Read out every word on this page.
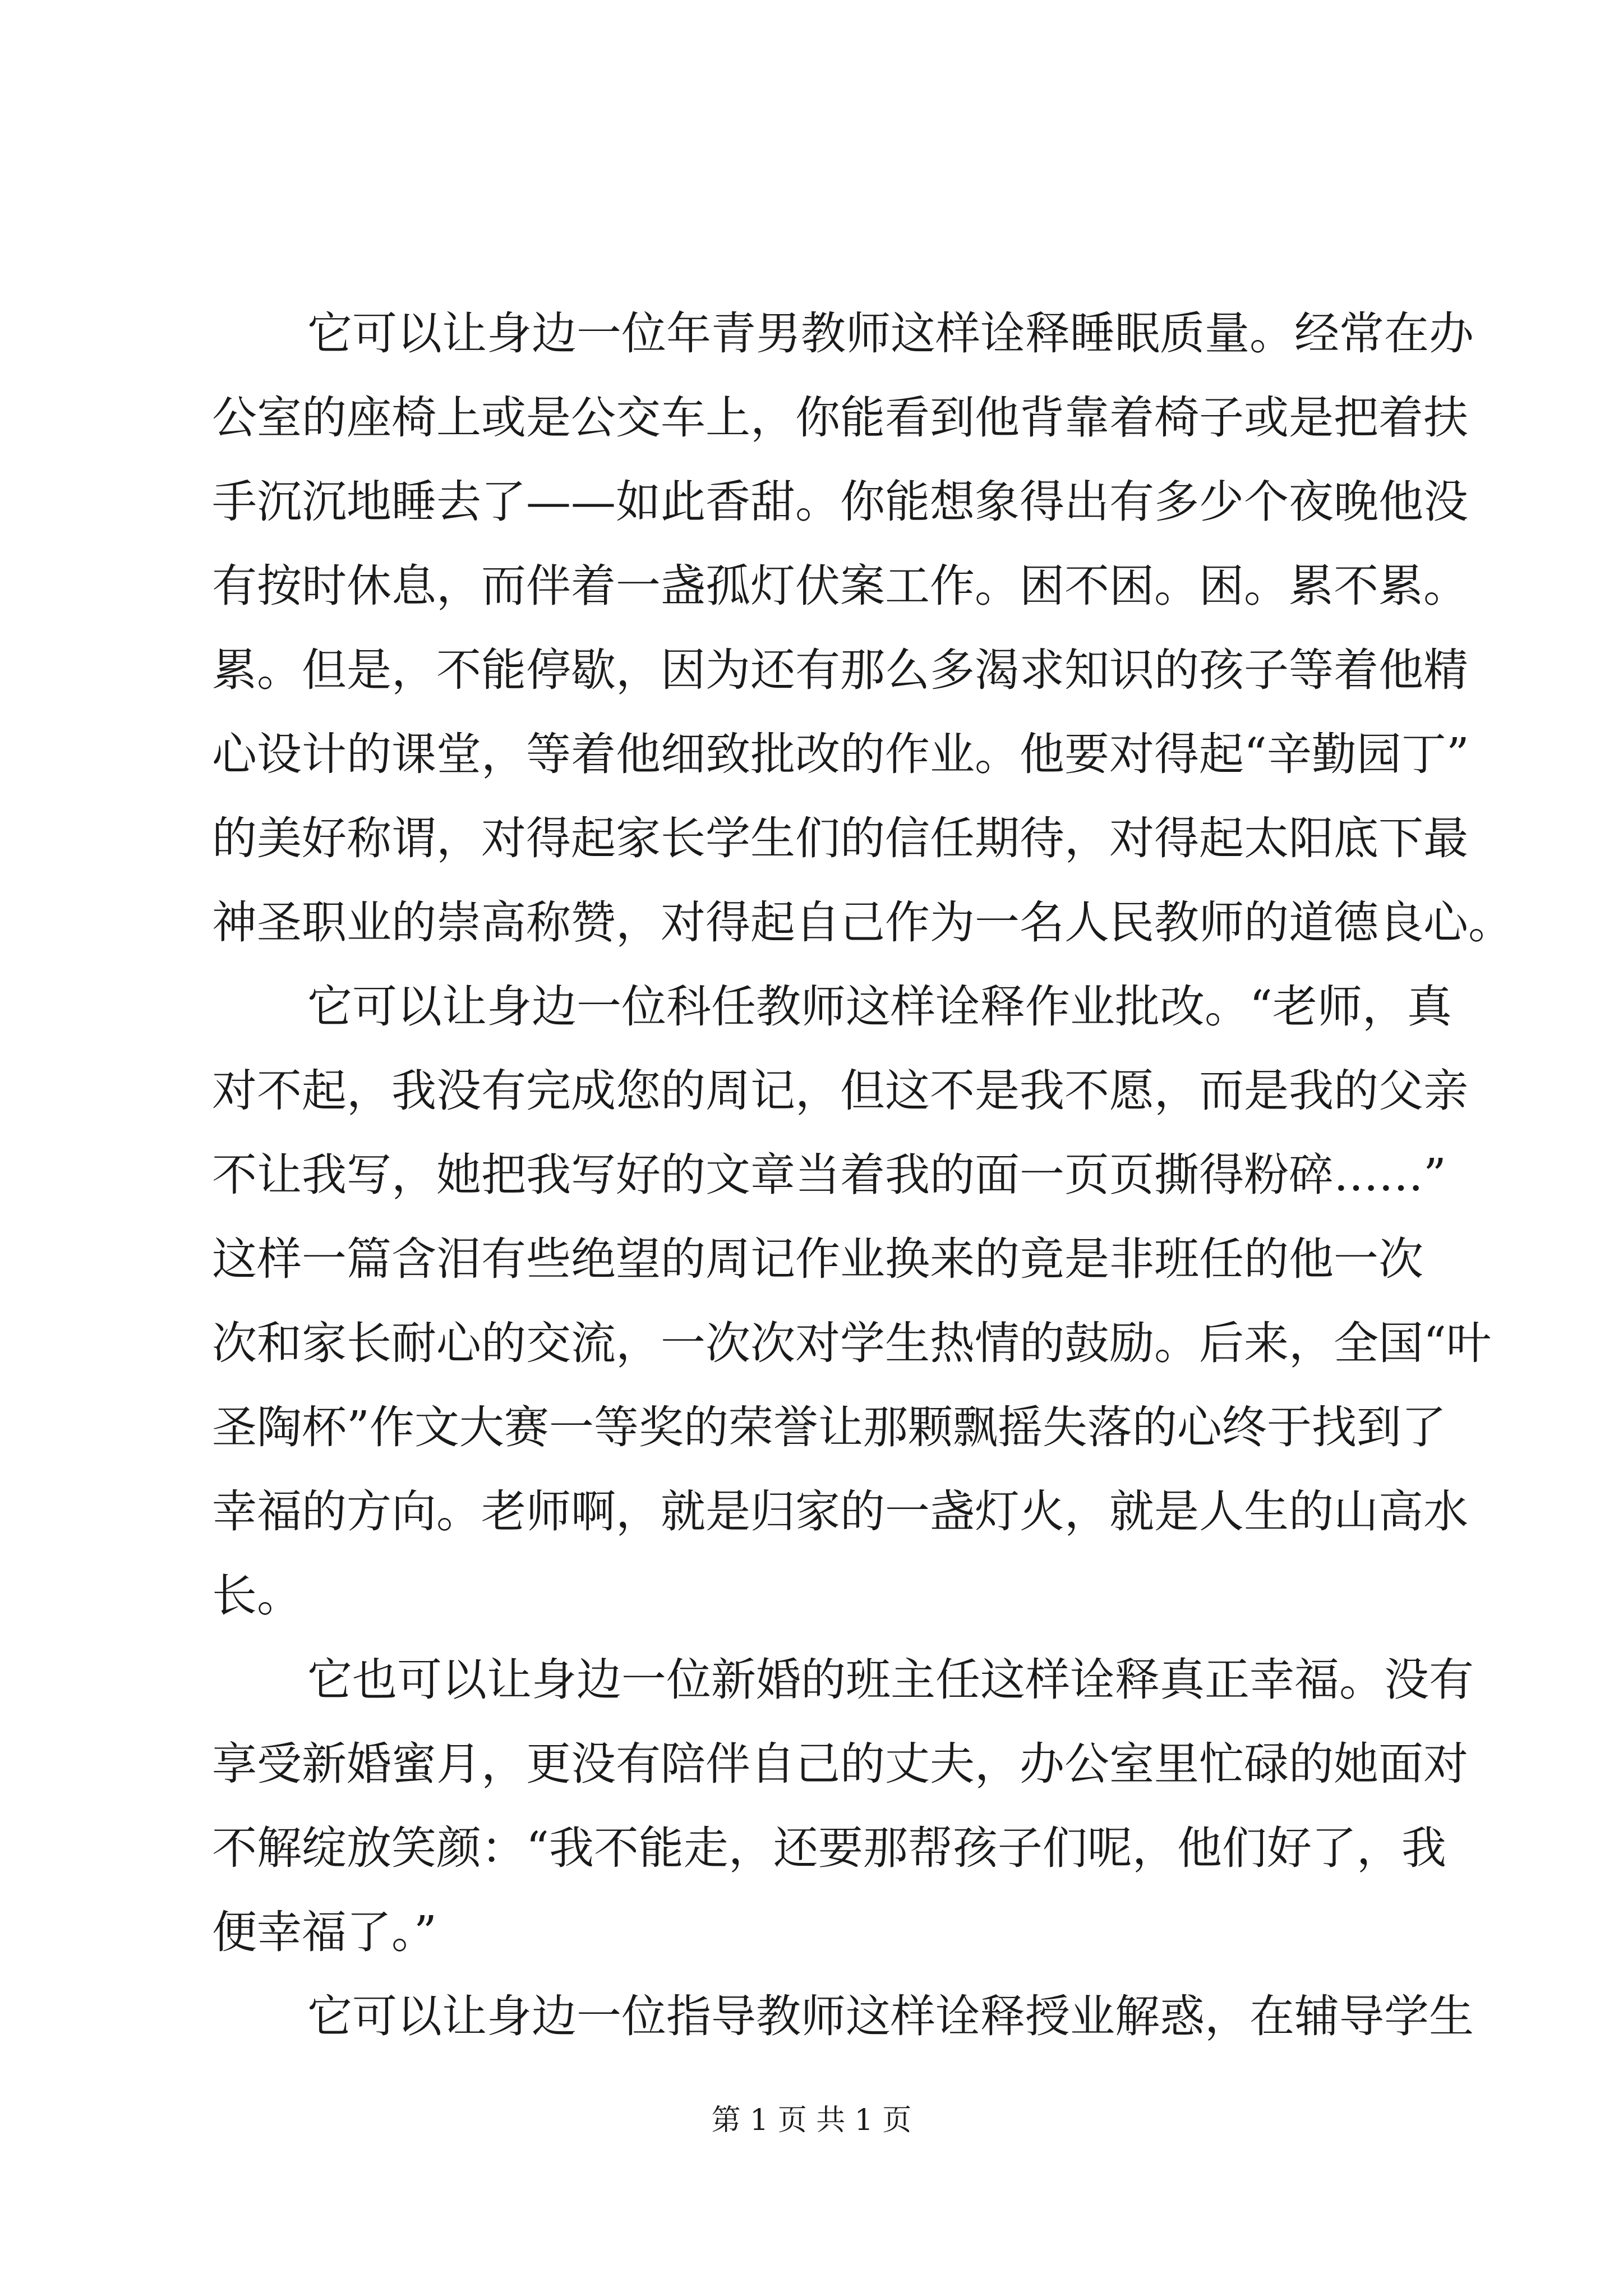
它可以让身边一位年青男教师这样诠释睡眠质量。经常在办
公室的座椅上或是公交车上，你能看到他背靠着椅子或是把着扶
手沉沉地睡去了——如此香甜。你能想象得出有多少个夜晚他没
有按时休息，而伴着一盏孤灯伏案工作。困不困。困。累不累。
累。但是，不能停歇，因为还有那么多渴求知识的孩子等着他精
心设计的课堂，等着他细致批改的作业。他要对得起“辛勤园丁”
的美好称谓，对得起家长学生们的信任期待，对得起太阳底下最
神圣职业的崇高称赞，对得起自己作为一名人民教师的道德良心。
它可以让身边一位科任教师这样诠释作业批改。“老师，真
对不起，我没有完成您的周记，但这不是我不愿，而是我的父亲
不让我写，她把我写好的文章当着我的面一页页撕得粉碎……”
这样一篇含泪有些绝望的周记作业换来的竟是非班任的他一次
次和家长耐心的交流，一次次对学生热情的鼓励。后来，全国“叶
圣陶杯”作文大赛一等奖的荣誉让那颗飘摇失落的心终于找到了
幸福的方向。老师啊，就是归家的一盏灯火，就是人生的山高水
长。
它也可以让身边一位新婚的班主任这样诠释真正幸福。没有
享受新婚蜜月，更没有陪伴自己的丈夫，办公室里忙碌的她面对
不解绽放笑颜：“我不能走，还要那帮孩子们呢，他们好了，我
便幸福了。”
它可以让身边一位指导教师这样诠释授业解惑，在辅导学生
第 1 页 共 1 页
